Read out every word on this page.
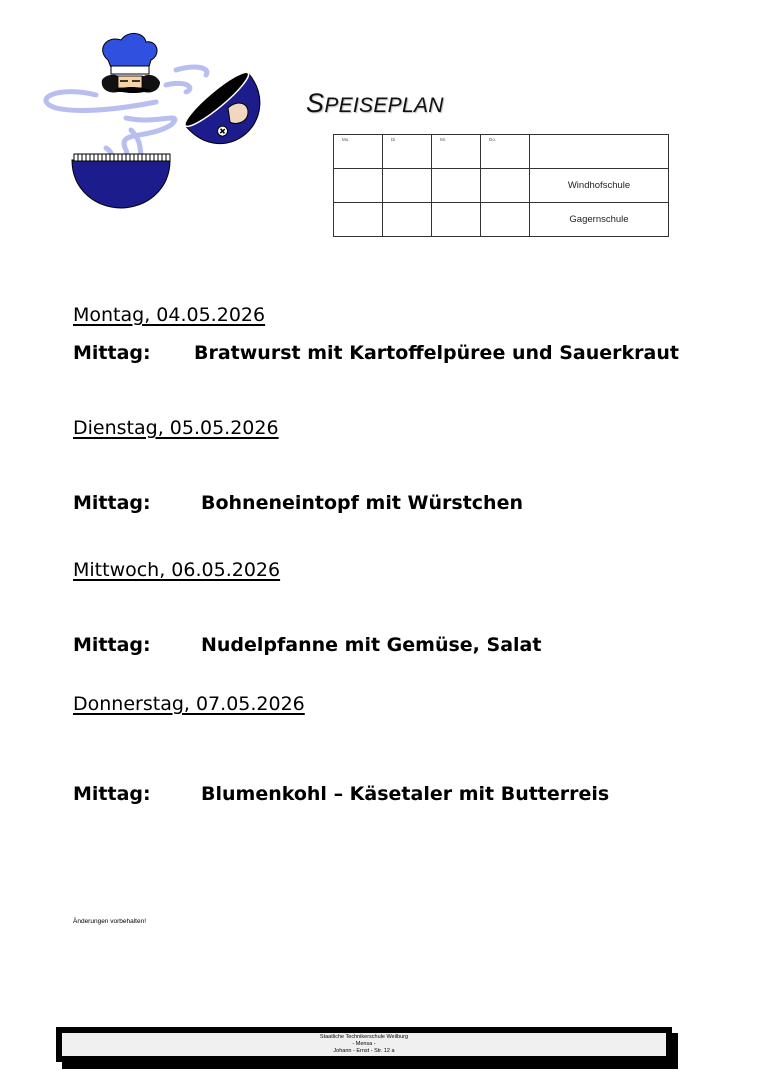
SPEISEPLAN
Mo.	Di.	Mi.	Do.	

				Windhofschule
				Gagernschule
Montag, 04.05.2026
Mittag: Bratwurst mit Kartoffelpüree und Sauerkraut
Dienstag, 05.05.2026
Mittag:	Bohneneintopf mit Würstchen
Mittwoch, 06.05.2026
Mittag:	Nudelpfanne mit Gemüse, Salat
Donnerstag, 07.05.2026
Mittag:	Blumenkohl – Käsetaler mit Butterreis
Änderungen vorbehalten!
Staatliche Technikerschule Weilburg
- Mensa -
Johann - Ernst - Str. 12 a
